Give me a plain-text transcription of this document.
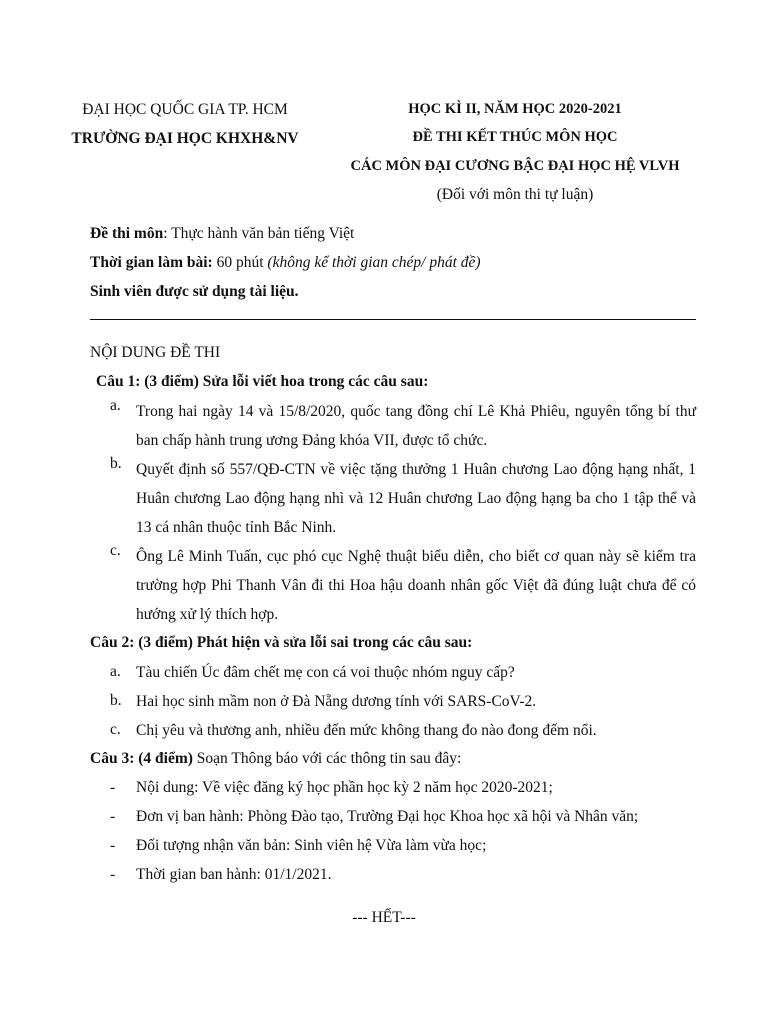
ĐẠI HỌC QUỐC GIA TP. HCM
TRƯỜNG ĐẠI HỌC KHXH&NV
HỌC KÌ II, NĂM HỌC 2020-2021
ĐỀ THI KẾT THÚC MÔN HỌC
CÁC MÔN ĐẠI CƯƠNG BẬC ĐẠI HỌC HỆ VLVH
(Đối với môn thi tự luận)
Đề thi môn: Thực hành văn bản tiếng Việt
Thời gian làm bài: 60 phút (không kể thời gian chép/ phát đề)
Sinh viên được sử dụng tài liệu.
NỘI DUNG ĐỀ THI
Câu 1: (3 điểm) Sửa lỗi viết hoa trong các câu sau:
a. Trong hai ngày 14 và 15/8/2020, quốc tang đồng chí Lê Khả Phiêu, nguyên tổng bí thư ban chấp hành trung ương Đảng khóa VII, được tổ chức.
b. Quyết định số 557/QĐ-CTN về việc tặng thưởng 1 Huân chương Lao động hạng nhất, 1 Huân chương Lao động hạng nhì và 12 Huân chương Lao động hạng ba cho 1 tập thể và 13 cá nhân thuộc tỉnh Bắc Ninh.
c. Ông Lê Minh Tuấn, cục phó cục Nghệ thuật biểu diễn, cho biết cơ quan này sẽ kiểm tra trường hợp Phi Thanh Vân đi thi Hoa hậu doanh nhân gốc Việt đã đúng luật chưa để có hướng xử lý thích hợp.
Câu 2: (3 điểm) Phát hiện và sửa lỗi sai trong các câu sau:
a. Tàu chiến Úc đâm chết mẹ con cá voi thuộc nhóm nguy cấp?
b. Hai học sinh mầm non ở Đà Nẵng dương tính với SARS-CoV-2.
c. Chị yêu và thương anh, nhiều đến mức không thang đo nào đong đếm nổi.
Câu 3: (4 điểm) Soạn Thông báo với các thông tin sau đây:
- Nội dung: Về việc đăng ký học phần học kỳ 2 năm học 2020-2021;
- Đơn vị ban hành: Phòng Đào tạo, Trường Đại học Khoa học xã hội và Nhân văn;
- Đối tượng nhận văn bản: Sinh viên hệ Vừa làm vừa học;
- Thời gian ban hành: 01/1/2021.
--- HẾT---
